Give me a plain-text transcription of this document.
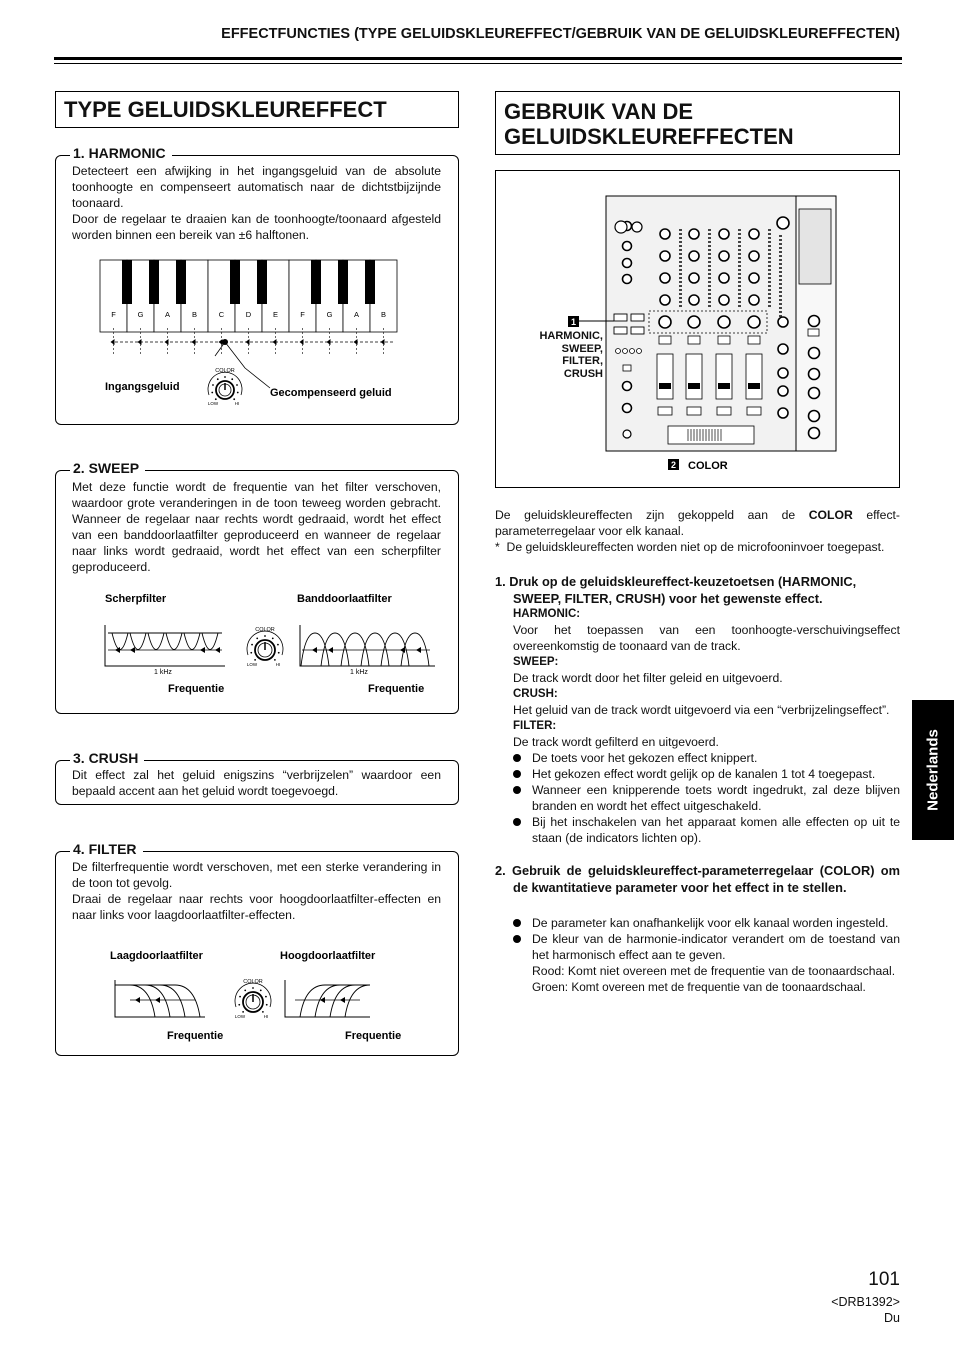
EFFECTFUNCTIES (TYPE GELUIDSKLEUREFFECT/GEBRUIK VAN DE GELUIDSKLEUREFFECTEN)
TYPE GELUIDSKLEUREFFECT
1. HARMONIC
Detecteert een afwijking in het ingangsgeluid van de absolute toonhoogte en compenseert automatisch naar de dichtstbijzijnde toonaard.
Door de regelaar te draaien kan de toonhoogte/toonaard afgesteld worden binnen een bereik van ±6 halftonen.
F	G	A	B	C	D	E	F	G	A	B
COLOR
LOW	HI
Ingangsgeluid	Gecompenseerd geluid
2. SWEEP
Met deze functie wordt de frequentie van het filter verschoven, waardoor grote veranderingen in de toon teweeg worden gebracht. Wanneer de regelaar naar rechts wordt gedraaid, wordt het effect van een banddoorlaatfilter geproduceerd en wanneer de regelaar naar links wordt gedraaid, wordt het effect van een scherpfilter geproduceerd.
Scherpfilter	Banddoorlaatfilter
COLOR
LOW	HI
1 kHz	1 kHz
Frequentie	Frequentie
3. CRUSH
Dit effect zal het geluid enigszins “verbrijzelen” waardoor een bepaald accent aan het geluid wordt toegevoegd.
4. FILTER
De filterfrequentie wordt verschoven, met een sterke verandering in de toon tot gevolg.
Draai de regelaar naar rechts voor hoogdoorlaatfilter-effecten en naar links voor laagdoorlaatfilter-effecten.
Laagdoorlaatfilter	Hoogdoorlaatfilter
COLOR
LOW	HI
Frequentie	Frequentie
GEBRUIK VAN DE GELUIDSKLEUREFFECTEN
1
2 COLOR
HARMONIC, SWEEP, FILTER, CRUSH
De geluidskleureffecten zijn gekoppeld aan de COLOR effect-parameterregelaar voor elk kanaal.
*  De geluidskleureffecten worden niet op de microfooninvoer toegepast.
1. Druk op de geluidskleureffect-keuzetoetsen (HARMONIC, SWEEP, FILTER, CRUSH) voor het gewenste effect.
HARMONIC:
Voor het toepassen van een toonhoogte-verschuivingseffect overeenkomstig de toonaard van de track.
SWEEP:
De track wordt door het filter geleid en uitgevoerd.
CRUSH:
Het geluid van de track wordt uitgevoerd via een “verbrijzelingseffect”.
FILTER:
De track wordt gefilterd en uitgevoerd.
De toets voor het gekozen effect knippert.
Het gekozen effect wordt gelijk op de kanalen 1 tot 4 toegepast.
Wanneer een knipperende toets wordt ingedrukt, zal deze blijven branden en wordt het effect uitgeschakeld.
Bij het inschakelen van het apparaat komen alle effecten op uit te staan (de indicators lichten op).
2. Gebruik de geluidskleureffect-parameterregelaar (COLOR) om de kwantitatieve parameter voor het effect in te stellen.
De parameter kan onafhankelijk voor elk kanaal worden ingesteld.
De kleur van de harmonie-indicator verandert om de toestand van het harmonisch effect aan te geven.
Rood: Komt niet overeen met de frequentie van de toonaardschaal.
Groen: Komt overeen met de frequentie van de toonaardschaal.
Nederlands
101
<DRB1392>
Du
